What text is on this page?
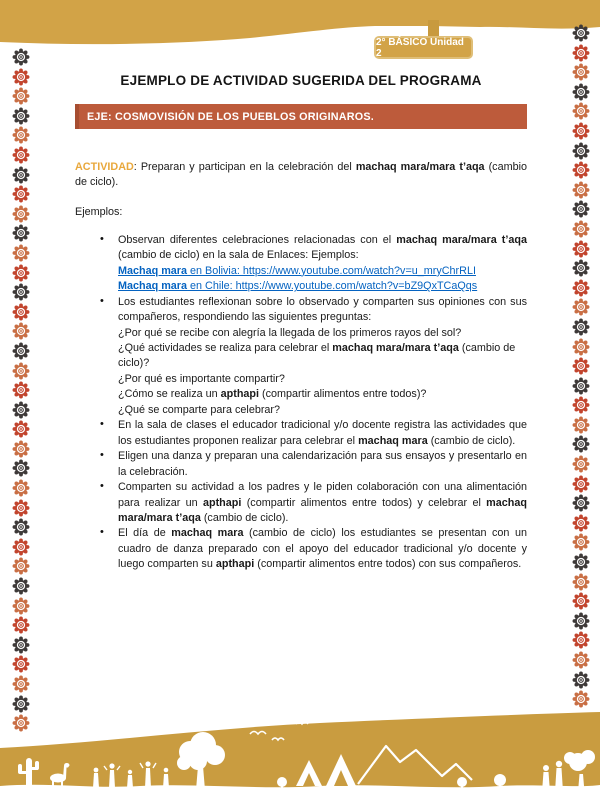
2° BÁSICO Unidad 2
EJEMPLO DE ACTIVIDAD SUGERIDA DEL PROGRAMA
EJE: COSMOVISIÓN DE LOS PUEBLOS ORIGINAROS.
ACTIVIDAD: Preparan y participan en la celebración del machaq mara/mara t’aqa (cambio de ciclo).
Ejemplos:
• Observan diferentes celebraciones relacionadas con el machaq mara/mara t’aqa (cambio de ciclo) en la sala de Enlaces: Ejemplos:
Machaq mara en Bolivia: https://www.youtube.com/watch?v=u_mryChrRLI
Machaq mara en Chile: https://www.youtube.com/watch?v=bZ9QxTCaQqs
• Los estudiantes reflexionan sobre lo observado y comparten sus opiniones con sus compañeros, respondiendo las siguientes preguntas:
¿Por qué se recibe con alegría la llegada de los primeros rayos del sol?
¿Qué actividades se realiza para celebrar el machaq mara/mara t’aqa (cambio de ciclo)?
¿Por qué es importante compartir?
¿Cómo se realiza un apthapi (compartir alimentos entre todos)?
¿Qué se comparte para celebrar?
• En la sala de clases el educador tradicional y/o docente registra las actividades que los estudiantes proponen realizar para celebrar el machaq mara (cambio de ciclo).
• Eligen una danza y preparan una calendarización para sus ensayos y presentarlo en la celebración.
• Comparten su actividad a los padres y le piden colaboración con una alimentación para realizar un apthapi (compartir alimentos entre todos) y celebrar el machaq mara/mara t’aqa (cambio de ciclo).
• El día de machaq mara (cambio de ciclo) los estudiantes se presentan con un cuadro de danza preparado con el apoyo del educador tradicional y/o docente y luego comparten su apthapi (compartir alimentos entre todos) con sus compañeros.
